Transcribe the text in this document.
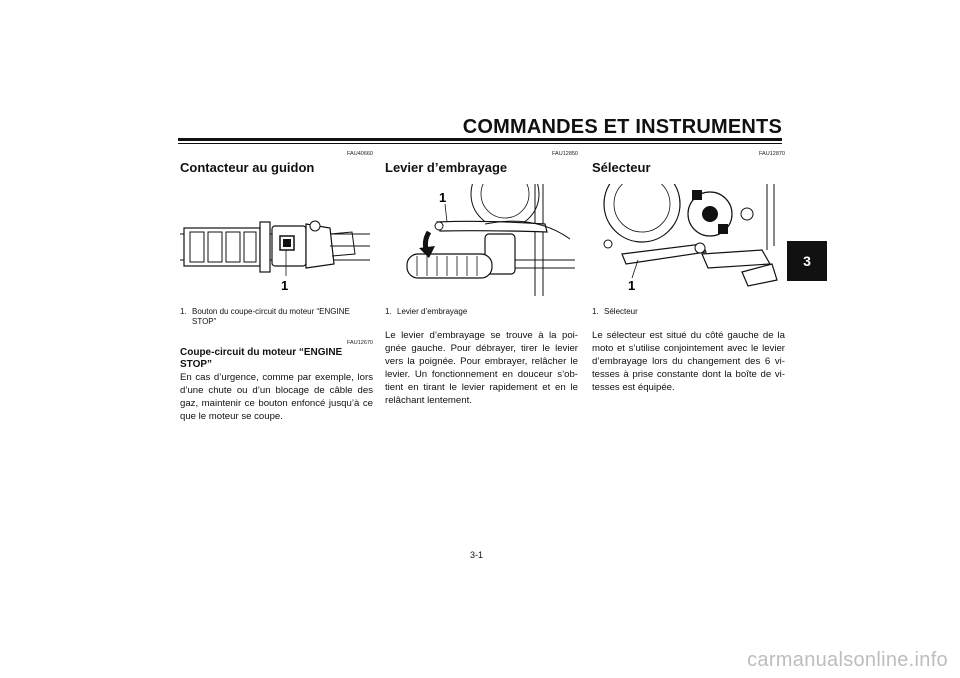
COMMANDES ET INSTRUMENTS
3
FAU40660
Contacteur au guidon
1
1. Bouton du coupe-circuit du moteur “ENGINE STOP”
FAU12670
Coupe-circuit du moteur “ENGINE STOP”
En cas d’urgence, comme par exemple, lors d’une chute ou d’un blocage de câble des gaz, maintenir ce bouton enfoncé jusqu’à ce que le moteur se coupe.
FAU12850
Levier d’embrayage
1
1. Levier d’embrayage
Le levier d’embrayage se trouve à la poi-gnée gauche. Pour débrayer, tirer le levier vers la poignée. Pour embrayer, relâcher le levier. Un fonctionnement en douceur s’ob-tient en tirant le levier rapidement et en le relâchant lentement.
FAU12870
Sélecteur
1
1. Sélecteur
Le sélecteur est situé du côté gauche de la moto et s’utilise conjointement avec le levier d’embrayage lors du changement des 6 vi-tesses à prise constante dont la boîte de vi-tesses est équipée.
3-1
carmanualsonline.info
